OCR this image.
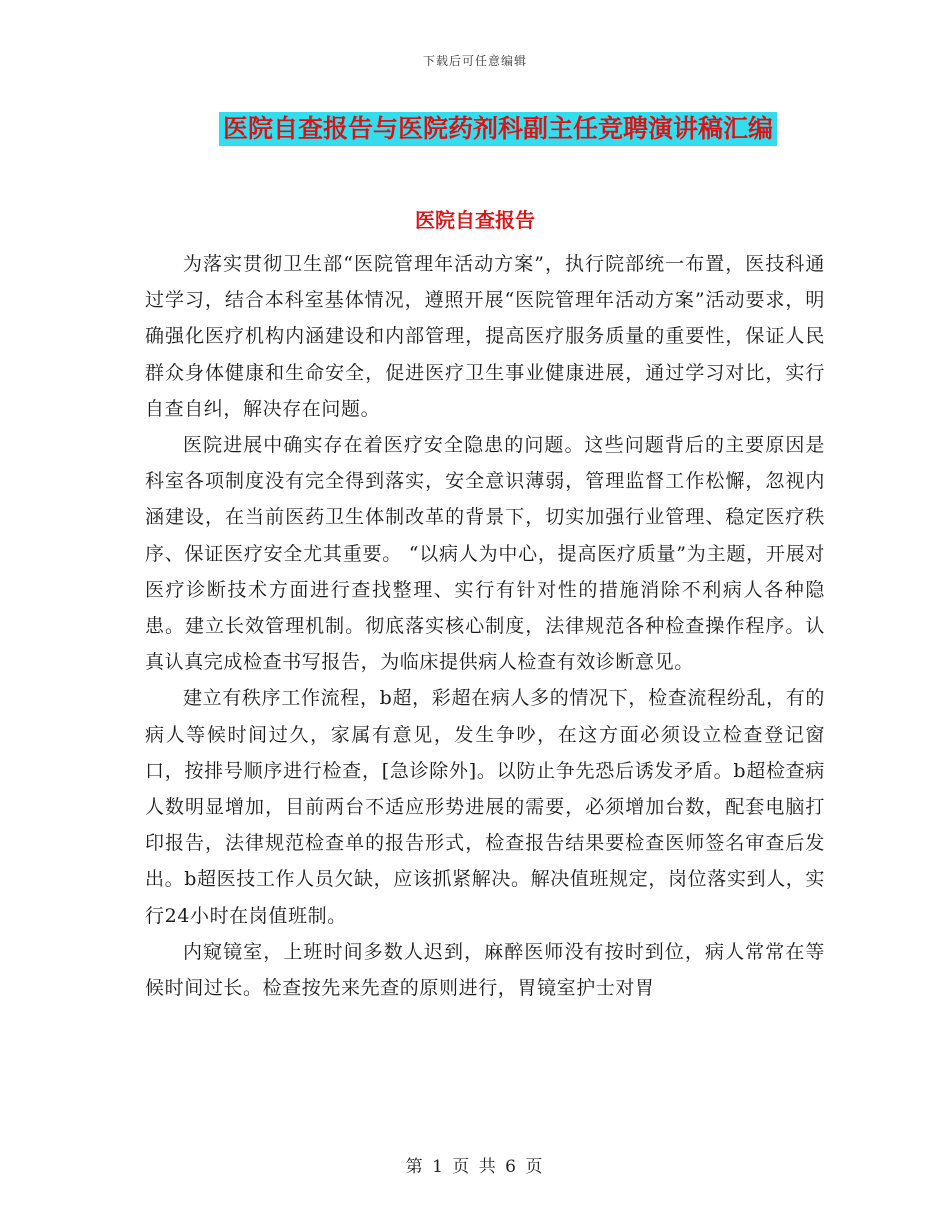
下载后可任意编辑
医院自查报告与医院药剂科副主任竞聘演讲稿汇编
医院自查报告

为落实贯彻卫生部“医院管理年活动方案”，执行院部统一布置，医技科通过学习，结合本科室基体情况，遵照开展“医院管理年活动方案”活动要求，明确强化医疗机构内涵建设和内部管理，提高医疗服务质量的重要性，保证人民群众身体健康和生命安全，促进医疗卫生事业健康进展，通过学习对比，实行自查自纠，解决存在问题。

医院进展中确实存在着医疗安全隐患的问题。这些问题背后的主要原因是科室各项制度没有完全得到落实，安全意识薄弱，管理监督工作松懈，忽视内涵建设，在当前医药卫生体制改革的背景下，切实加强行业管理、稳定医疗秩序、保证医疗安全尤其重要。 “以病人为中心，提高医疗质量”为主题，开展对医疗诊断技术方面进行查找整理、实行有针对性的措施消除不利病人各种隐患。建立长效管理机制。彻底落实核心制度，法律规范各种检查操作程序。认真认真完成检查书写报告，为临床提供病人检查有效诊断意见。

建立有秩序工作流程，b超，彩超在病人多的情况下，检查流程纷乱，有的病人等候时间过久，家属有意见，发生争吵，在这方面必须设立检查登记窗口，按排号顺序进行检查，[急诊除外]。以防止争先恐后诱发矛盾。b超检查病人数明显增加，目前两台不适应形势进展的需要，必须增加台数，配套电脑打印报告，法律规范检查单的报告形式，检查报告结果要检查医师签名审查后发出。b超医技工作人员欠缺，应该抓紧解决。解决值班规定，岗位落实到人，实行24小时在岗值班制。

内窥镜室，上班时间多数人迟到，麻醉医师没有按时到位，病人常常在等候时间过长。检查按先来先查的原则进行，胃镜室护士对胃

第 1 页 共 6 页
